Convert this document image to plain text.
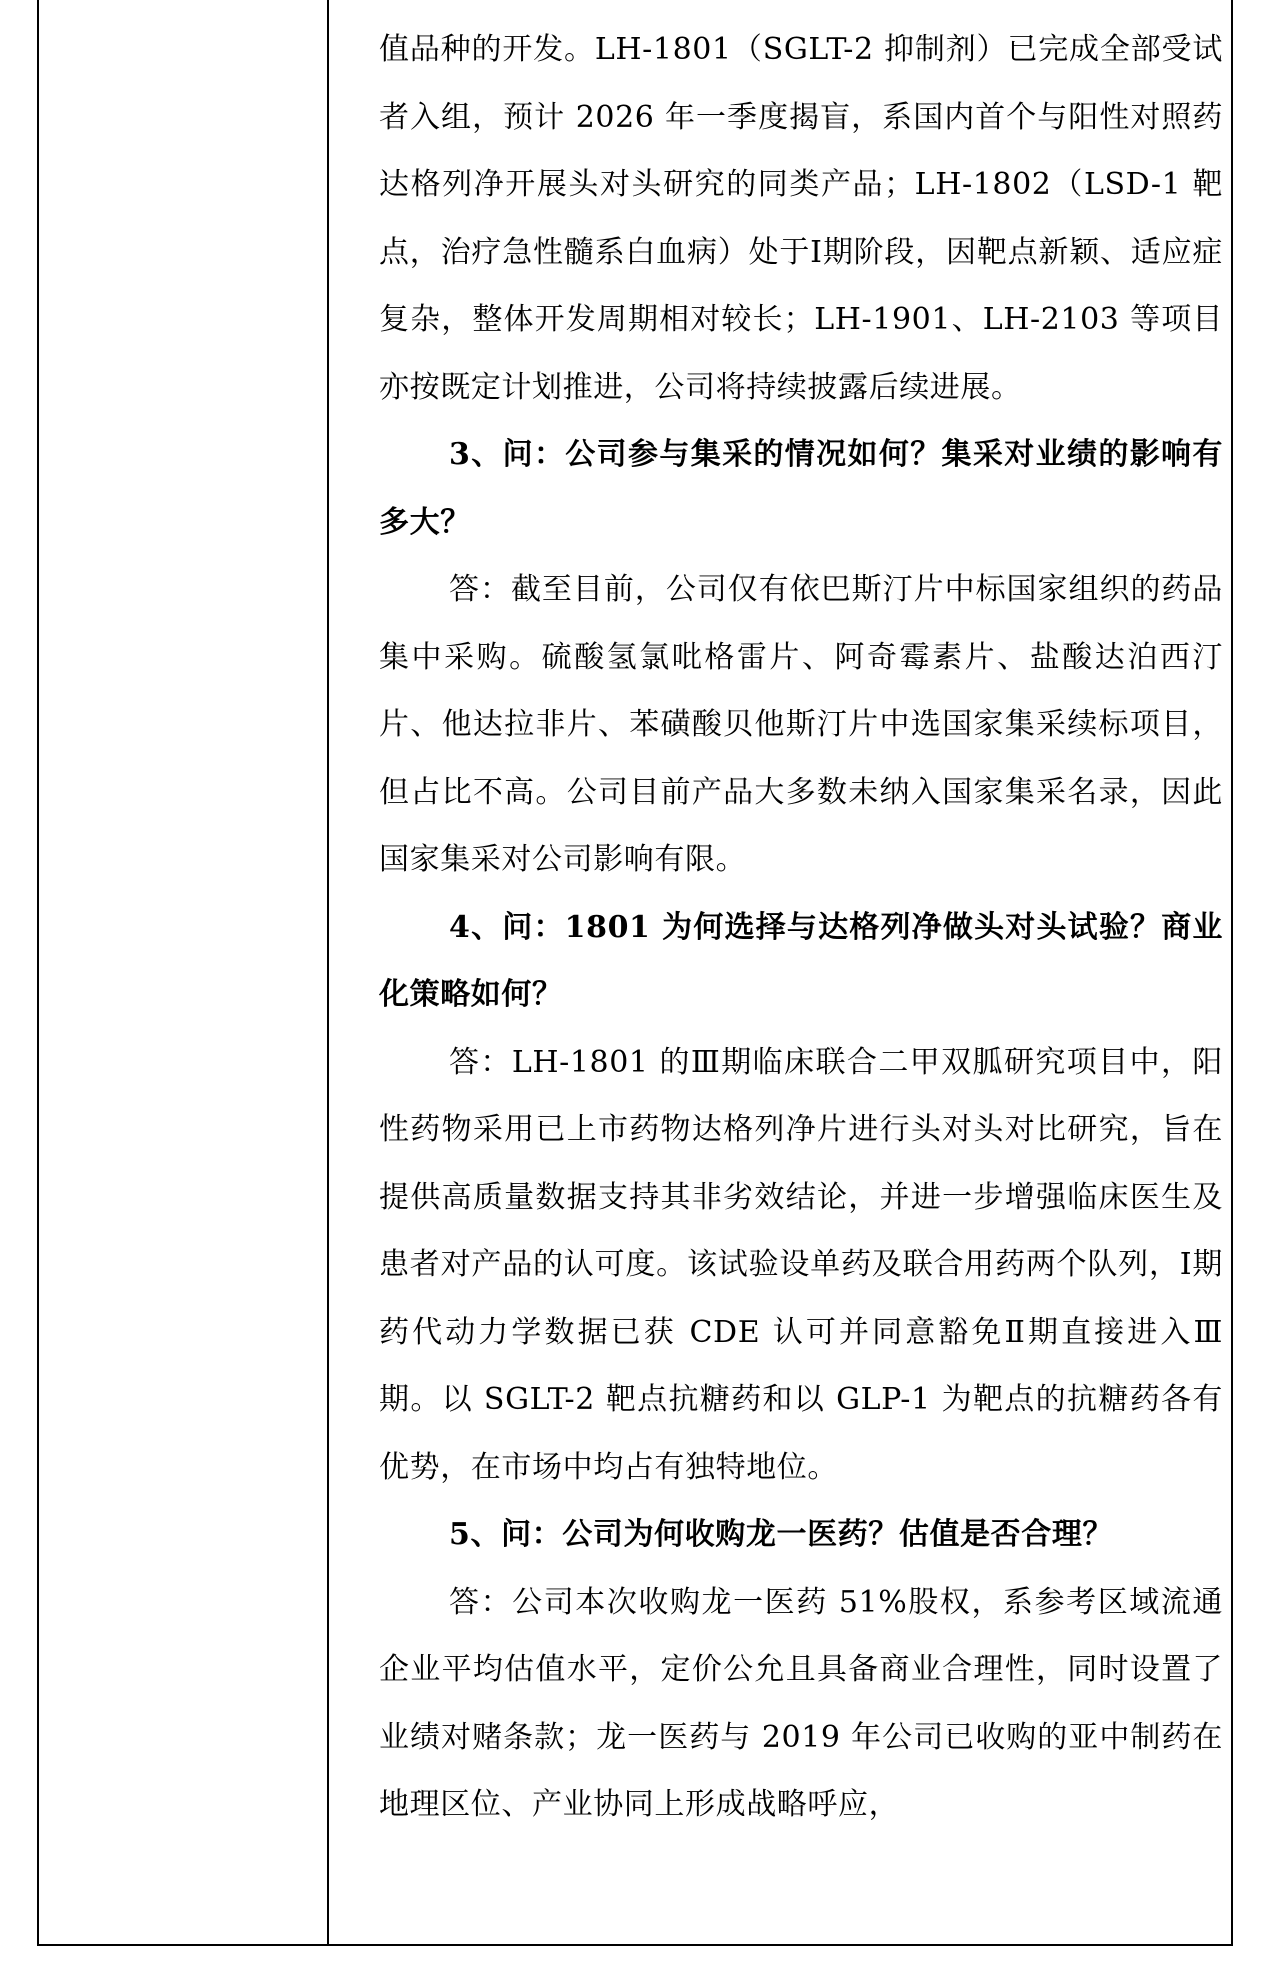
值品种的开发。LH-1801（SGLT-2 抑制剂）已完成全部受试者入组，预计 2026 年一季度揭盲，系国内首个与阳性对照药达格列净开展头对头研究的同类产品；LH-1802（LSD-1 靶点，治疗急性髓系白血病）处于Ⅰ期阶段，因靶点新颖、适应症复杂，整体开发周期相对较长；LH-1901、LH-2103 等项目亦按既定计划推进，公司将持续披露后续进展。

3、问：公司参与集采的情况如何？集采对业绩的影响有多大？

答：截至目前，公司仅有依巴斯汀片中标国家组织的药品集中采购。硫酸氢氯吡格雷片、阿奇霉素片、盐酸达泊西汀片、他达拉非片、苯磺酸贝他斯汀片中选国家集采续标项目，但占比不高。公司目前产品大多数未纳入国家集采名录，因此国家集采对公司影响有限。

4、问：1801 为何选择与达格列净做头对头试验？商业化策略如何？

答：LH-1801 的Ⅲ期临床联合二甲双胍研究项目中，阳性药物采用已上市药物达格列净片进行头对头对比研究，旨在提供高质量数据支持其非劣效结论，并进一步增强临床医生及患者对产品的认可度。该试验设单药及联合用药两个队列，Ⅰ期药代动力学数据已获 CDE 认可并同意豁免Ⅱ期直接进入Ⅲ期。以 SGLT-2 靶点抗糖药和以 GLP-1 为靶点的抗糖药各有优势，在市场中均占有独特地位。

5、问：公司为何收购龙一医药？估值是否合理？

答：公司本次收购龙一医药 51%股权，系参考区域流通企业平均估值水平，定价公允且具备商业合理性，同时设置了业绩对赌条款；龙一医药与 2019 年公司已收购的亚中制药在地理区位、产业协同上形成战略呼应，
